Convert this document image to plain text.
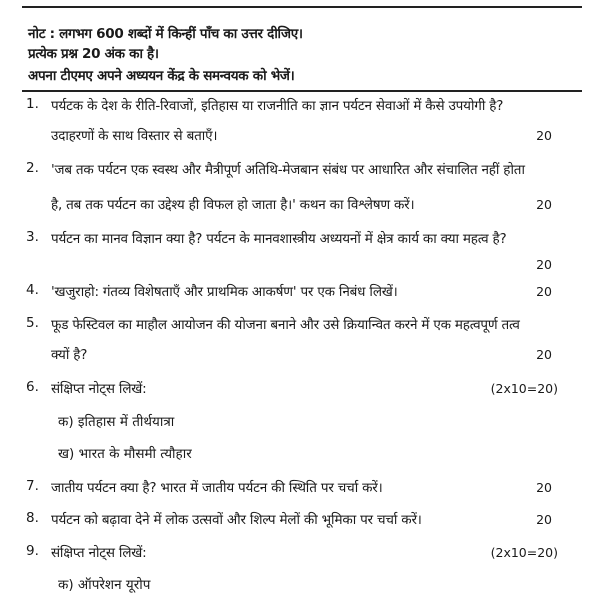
नोट : लगभग 600 शब्दों में किन्हीं पाँच का उत्तर दीजिए।
प्रत्येक प्रश्न 20 अंक का है।
अपना टीएमए अपने अध्ययन केंद्र के समन्वयक को भेजें।
1. पर्यटक के देश के रीति-रिवाजों, इतिहास या राजनीति का ज्ञान पर्यटन सेवाओं में कैसे उपयोगी है?
उदाहरणों के साथ विस्तार से बताएँ।	20
2. 'जब तक पर्यटन एक स्वस्थ और मैत्रीपूर्ण अतिथि-मेजबान संबंध पर आधारित और संचालित नहीं होता
है, तब तक पर्यटन का उद्देश्य ही विफल हो जाता है।' कथन का विश्लेषण करें।	20
3. पर्यटन का मानव विज्ञान क्या है? पर्यटन के मानवशास्त्रीय अध्ययनों में क्षेत्र कार्य का क्या महत्व है?
20
4. 'खजुराहो: गंतव्य विशेषताएँ और प्राथमिक आकर्षण' पर एक निबंध लिखें।	20
5. फूड फेस्टिवल का माहौल आयोजन की योजना बनाने और उसे क्रियान्वित करने में एक महत्वपूर्ण तत्व
क्यों है?	20
6. संक्षिप्त नोट्स लिखें:	(2x10=20)
क) इतिहास में तीर्थयात्रा
ख) भारत के मौसमी त्यौहार
7. जातीय पर्यटन क्या है? भारत में जातीय पर्यटन की स्थिति पर चर्चा करें।	20
8. पर्यटन को बढ़ावा देने में लोक उत्सवों और शिल्प मेलों की भूमिका पर चर्चा करें।	20
9. संक्षिप्त नोट्स लिखें:	(2x10=20)
क) ऑपरेशन यूरोप
